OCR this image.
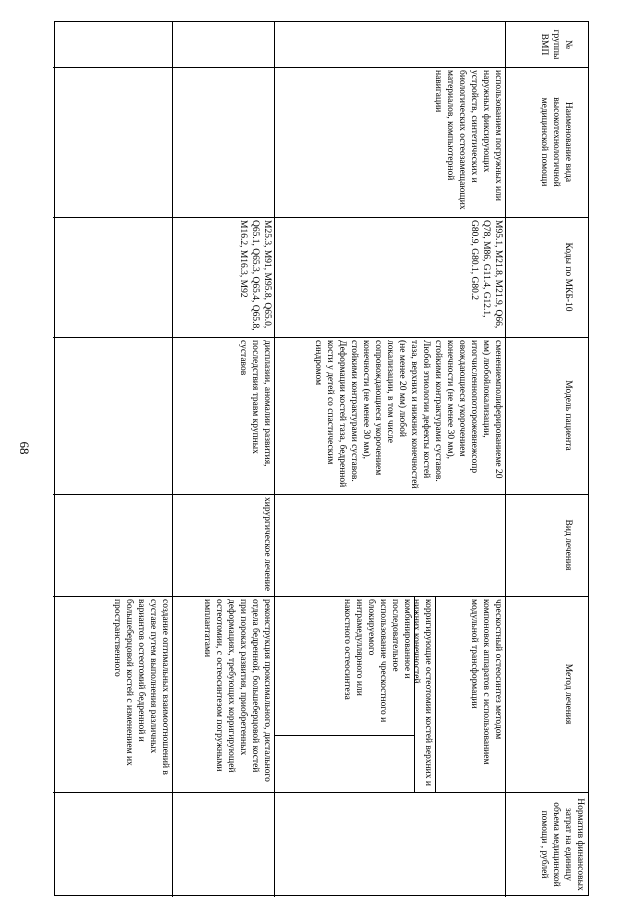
68
№ группы ВМП
Наименование вида высокотехнологичной медицинской помощи
Коды по МКБ-10
Модель пациента
Вид лечения
Метод лечения
Норматив финансовых затрат на единицу объема медицинской помощи , рублей
использованием погружных или наружных фиксирующих устройств, синтетических и биологических остеозамещающих материалов, компьютерной навигации
M95.1, M21.8, M21.9, Q66, Q78, M86, G11.4, G12.1, G80.9, G80.1, G80.2
сменениемполиферированиеме 20 мм) любойлокализации, итогчисленнопоторожевнежсопр овождающиеся укорочением конечности (не менее 30 мм), стойкими контрактурами суставов. Любой этиологии дефекты костей таза, верхних и нижних конечностей (не менее 20 мм) любой локализации, в том числе сопровождающиеся укорочением конечности (не менее 30 мм), стойкими контрактурами суставов. Деформации костей таза, бедренной кости у детей со спастическим синдромом
чрескостный остеосинтез методом компоновок аппаратов с использованием модульной трансформации
корригирующие остеотомии костей верхних и нижних конечностей
комбинированное и последовательное использование чрескостного и блокируемого интрамедуллярного или накостного остеосинтеза
M25.3, M91, M95.8, Q65.0, Q65.1, Q65.3, Q65.4, Q65.8, M16.2, M16.3, M92
дисплазии, аномалии развития, последствия травм крупных суставов
хирургическое лечение
реконструкция проксимального, дистального отдела бедренной, большеберцовой костей при пороках развития, приобретенных деформациях, требующих корригирующей остеотомии, с остеосинтезом погружными имплантатами
создание оптимальных взаимоотношений в суставе путем выполнения различных вариантов остеотомий бедренной и большеберцовой костей с изменением их пространственного
